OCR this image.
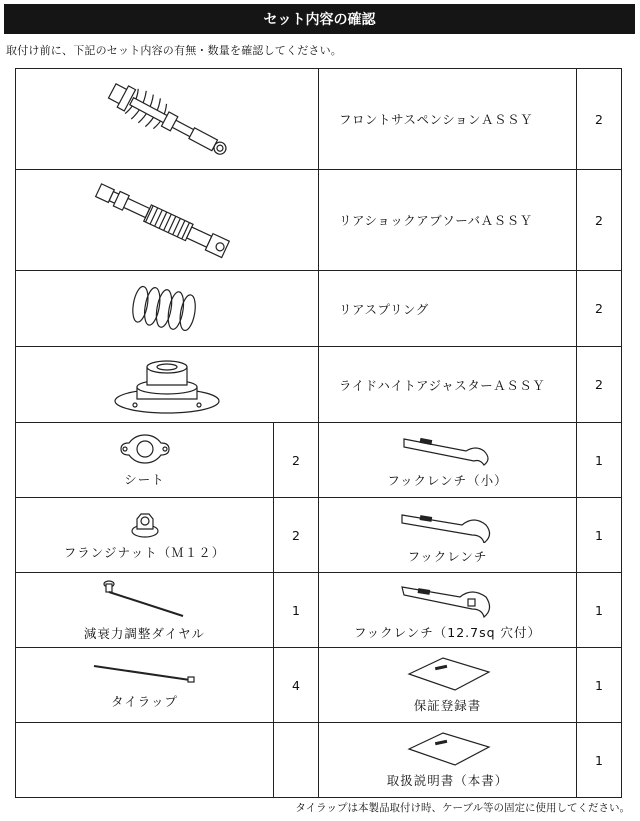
セット内容の確認
取付け前に、下記のセット内容の有無・数量を確認してください。
	フロントサスペンションＡＳＳＹ	2

	リアショックアブソーバＡＳＳＹ	2

	リアスプリング	2

	ライドハイトアジャスターＡＳＳＹ	2

シート	2	フックレンチ（小）	1

フランジナット（Ｍ１２）	2	フックレンチ	1

減衰力調整ダイヤル	1	フックレンチ（12.7sq 穴付）	1

タイラップ	4	保証登録書	1

		取扱説明書（本書）	1
タイラップは本製品取付け時、ケーブル等の固定に使用してください。
